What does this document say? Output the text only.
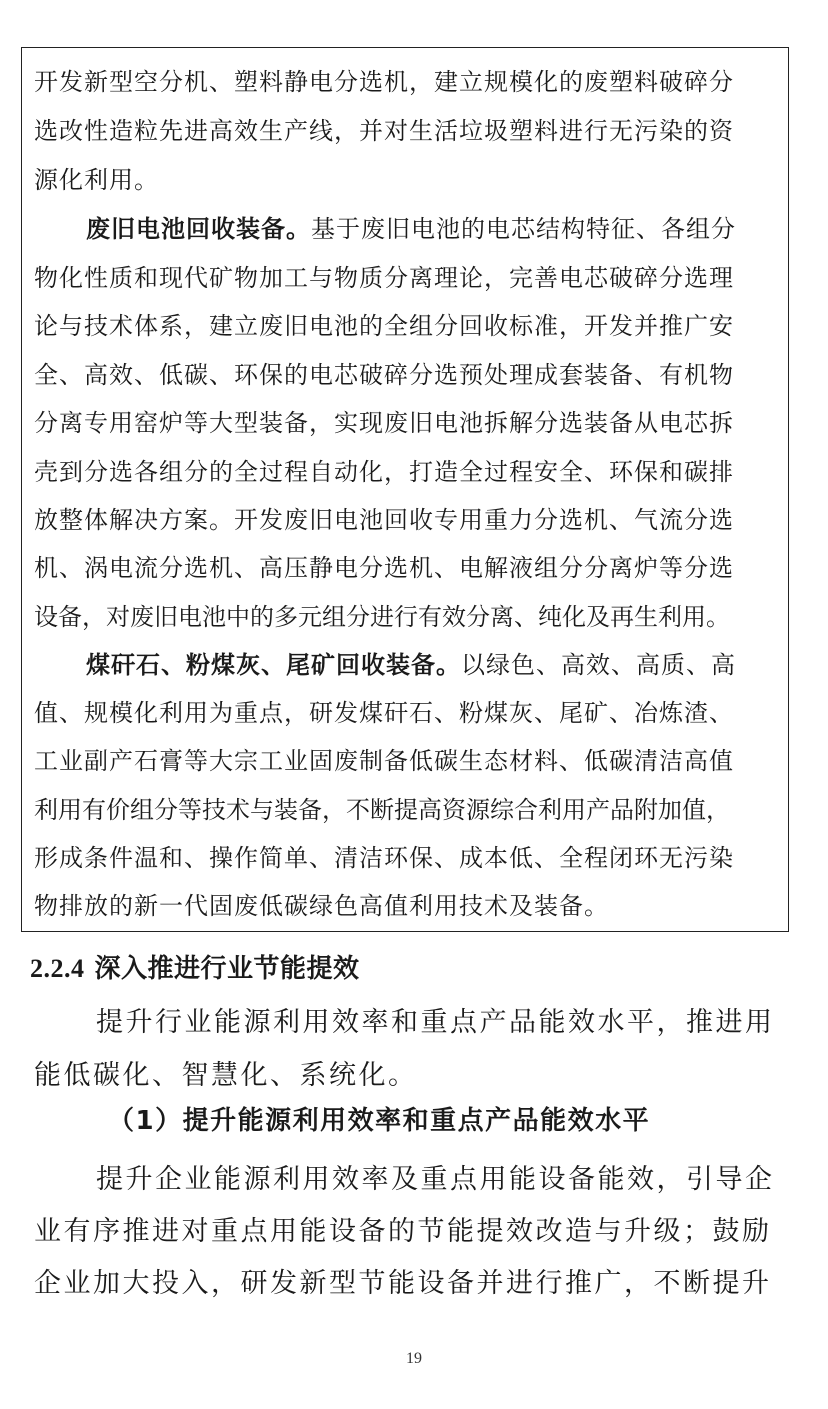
开发新型空分机、塑料静电分选机，建立规模化的废塑料破碎分
选改性造粒先进高效生产线，并对生活垃圾塑料进行无污染的资
源化利用。
废旧电池回收装备。基于废旧电池的电芯结构特征、各组分
物化性质和现代矿物加工与物质分离理论，完善电芯破碎分选理
论与技术体系，建立废旧电池的全组分回收标准，开发并推广安
全、高效、低碳、环保的电芯破碎分选预处理成套装备、有机物
分离专用窑炉等大型装备，实现废旧电池拆解分选装备从电芯拆
壳到分选各组分的全过程自动化，打造全过程安全、环保和碳排
放整体解决方案。开发废旧电池回收专用重力分选机、气流分选
机、涡电流分选机、高压静电分选机、电解液组分分离炉等分选
设备，对废旧电池中的多元组分进行有效分离、纯化及再生利用。
煤矸石、粉煤灰、尾矿回收装备。以绿色、高效、高质、高
值、规模化利用为重点，研发煤矸石、粉煤灰、尾矿、冶炼渣、
工业副产石膏等大宗工业固废制备低碳生态材料、低碳清洁高值
利用有价组分等技术与装备，不断提高资源综合利用产品附加值，
形成条件温和、操作简单、清洁环保、成本低、全程闭环无污染
物排放的新一代固废低碳绿色高值利用技术及装备。
2.2.4 深入推进行业节能提效
提升行业能源利用效率和重点产品能效水平，推进用
能低碳化、智慧化、系统化。
（1）提升能源利用效率和重点产品能效水平
提升企业能源利用效率及重点用能设备能效，引导企
业有序推进对重点用能设备的节能提效改造与升级；鼓励
企业加大投入，研发新型节能设备并进行推广，不断提升
19
